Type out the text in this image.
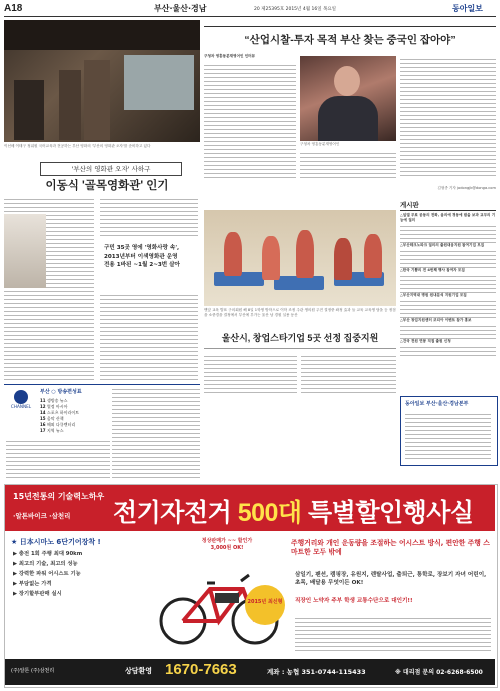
A18	부산·울산·경남	20 제25395호 2015년 4월 16일 목요일	동아일보
이선배 이태구 정위원 국어교육과 전공하는 부산 영화의 '부산의 영화관 오자'를 준비하고 있다
'부산의 영화관 오자' 사하구
이동식 '골목영화관' 인기
구민 35곳 영에 '영화사랑 속',
2013년부터 이색영화관 운영
전용 1바된 ~1월 2~3번 살아
“산업시찰-투자 목적 부산 찾는 중국인 잡아야”
구청차 영흥동분재영어인 인터뷰
구청차 영흥동분재영어인
김형종 기자 jodongjk@donga.com
게시판
△일엘 무료 공동의 전화, 음의에 경동에 밤을 보과 교무의 기능에 질의
△부산테크노파크 질의의 출원대응지원 참여기업 모집
△한국 기쁨의 전 4번째 행사 참여자 모집
△부산지역대 병원 원내분석 지원기업 모집
△부산 창업지원센터 코리아 이벤트 참가 홍보
△건국 전원 연봉 직접 출원 신청
맨앞 교육 발표 구의회원 해 8일 1학생 방학으로 이학 조정 주관 생의원 주전 결정중 좌정 효과 들 교육 교육생 담을 등 정점을 소중경을 결정에서 부산에 부가는 울산 남 경원 실용 동산
울산시, 창업스타기업 5곳 선정 집중지원
CHANNEL
부산 ○ 방송편성표
11 생방송 뉴스
12 열정 아시아
14 스포츠 하이라이트
15 음악 산책
16 해외 다큐멘터리
17 지역 뉴스
동아일보 부산·울산·경남본부
15년전통의 기술력노하우
·알톤바이크 ·삼천리 전기자전거 500대 특별할인행사실시!
★ 日本시마노 6단기어장착 !
▶ 충전 1회 주행 최대 90km
▶ 최고의 기술, 최고의 성능
▶ 강력한 파워 어시스트 기능
▶ 부담없는 가격
▶ 장기할부판매 실시
정상판매가 ~~ 할인가 3,000원 OK!
2015년 최신형
주행거리와 개인 운동량을 조절하는 어시스트 방식, 편안한 주행 스마트한 모두 밖에
삼일기, 팬션, 캠핑장, 유원지, 렌탈사업, 출퇴근, 통학로, 장보기 자녀 어린이, 초목, 배달용 무엇이든 OK!
직장인 노약자 주부 학생 교통수단으로 대인기!!
(주)알톤 (주)삼천리	상담환영 1670-7663	계좌 : 농협 351-0744-115433	※ 대리점 문의 02-6268-6500
